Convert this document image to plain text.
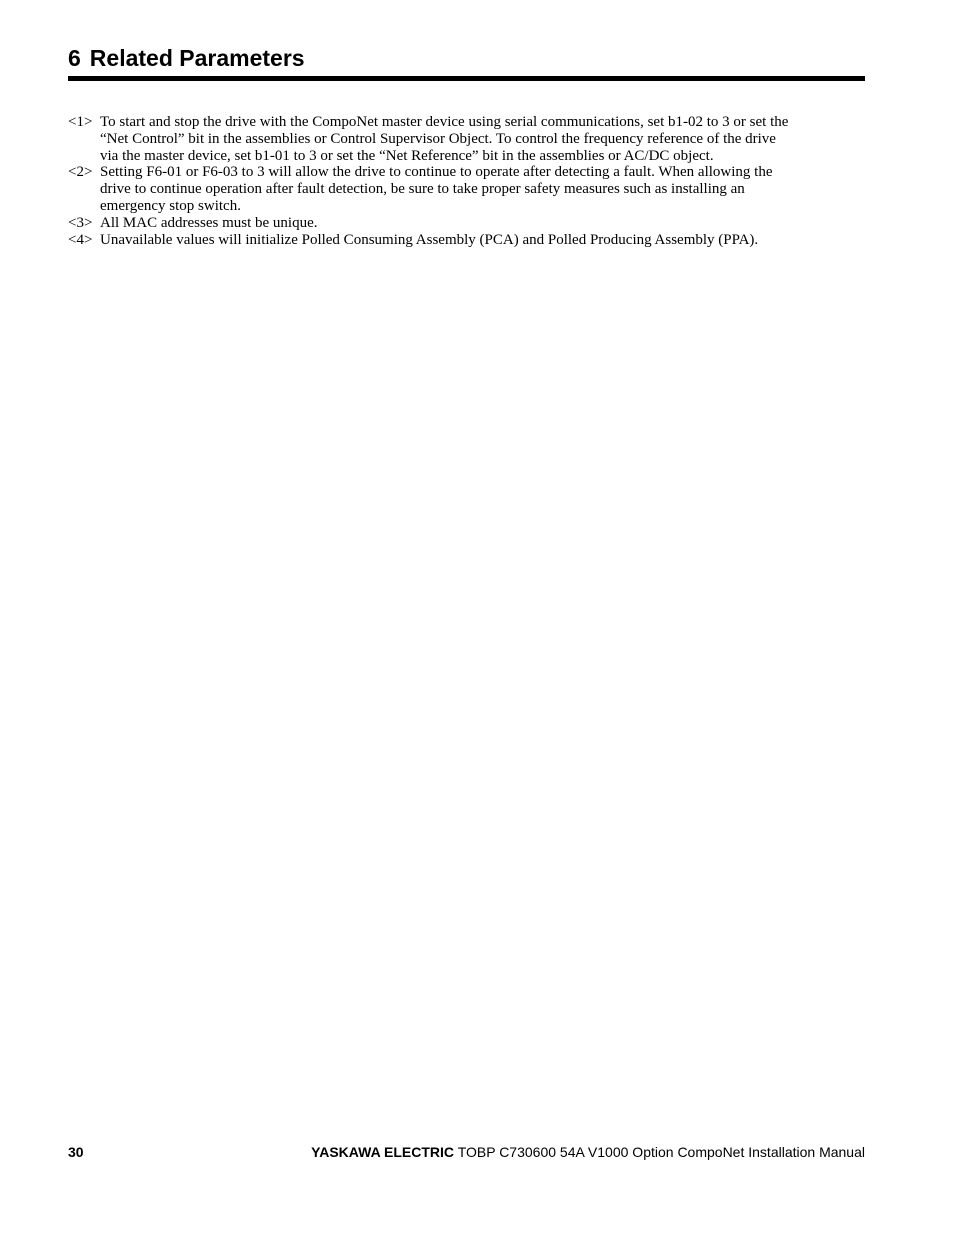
6 Related Parameters
<1> To start and stop the drive with the CompoNet master device using serial communications, set b1-02 to 3 or set the
“Net Control” bit in the assemblies or Control Supervisor Object. To control the frequency reference of the drive
via the master device, set b1-01 to 3 or set the “Net Reference” bit in the assemblies or AC/DC object.
<2> Setting F6-01 or F6-03 to 3 will allow the drive to continue to operate after detecting a fault. When allowing the
drive to continue operation after fault detection, be sure to take proper safety measures such as installing an
emergency stop switch.
<3> All MAC addresses must be unique.
<4> Unavailable values will initialize Polled Consuming Assembly (PCA) and Polled Producing Assembly (PPA).
30	YASKAWA ELECTRIC TOBP C730600 54A V1000 Option CompoNet Installation Manual
